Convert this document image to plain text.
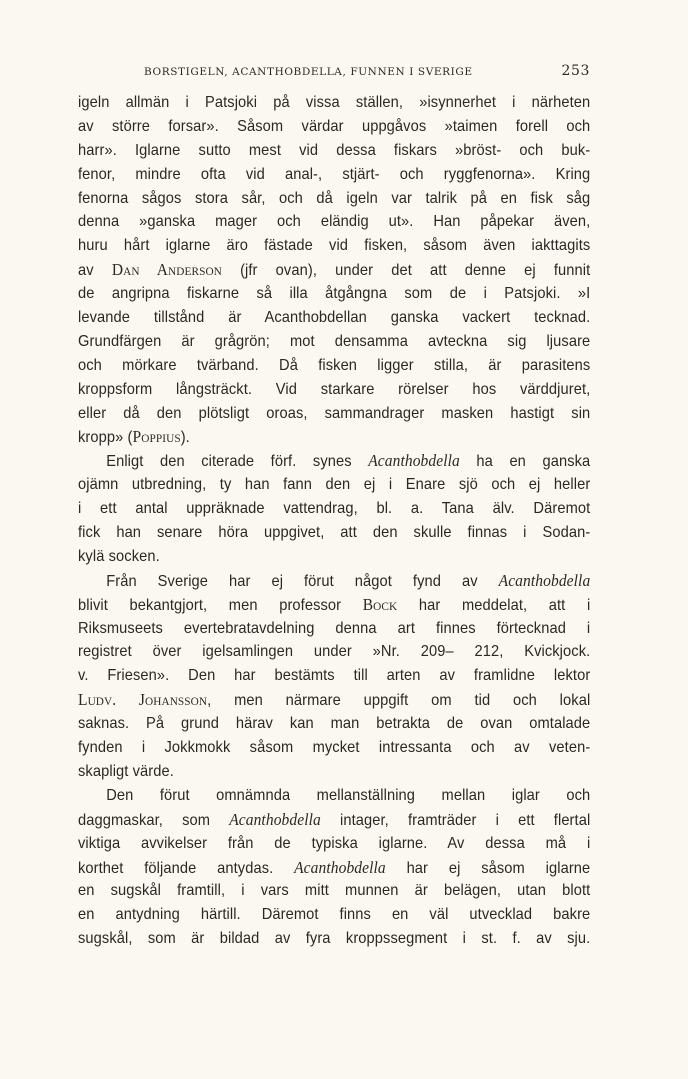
BORSTIGELN, ACANTHOBDELLA, FUNNEN I SVERIGE	253
igeln allmän i Patsjoki på vissa ställen, »isynnerhet i närheten
av större forsar». Såsom värdar uppgåvos »taimen forell och
harr». Iglarne sutto mest vid dessa fiskars »bröst- och buk-
fenor, mindre ofta vid anal-, stjärt- och ryggfenorna». Kring
fenorna sågos stora sår, och då igeln var talrik på en fisk såg
denna »ganska mager och eländig ut». Han påpekar även,
huru hårt iglarne äro fästade vid fisken, såsom även iakttagits
av Dan Anderson (jfr ovan), under det att denne ej funnit
de angripna fiskarne så illa åtgångna som de i Patsjoki. »I
levande tillstånd är Acanthobdellan ganska vackert tecknad.
Grundfärgen är grågrön; mot densamma avteckna sig ljusare
och mörkare tvärband. Då fisken ligger stilla, är parasitens
kroppsform långsträckt. Vid starkare rörelser hos värddjuret,
eller då den plötsligt oroas, sammandrager masken hastigt sin
kropp» (Poppius).
Enligt den citerade förf. synes Acanthobdella ha en ganska
ojämn utbredning, ty han fann den ej i Enare sjö och ej heller
i ett antal uppräknade vattendrag, bl. a. Tana älv. Däremot
fick han senare höra uppgivet, att den skulle finnas i Sodan-
kylä socken.
Från Sverige har ej förut något fynd av Acanthobdella
blivit bekantgjort, men professor Bock har meddelat, att i
Riksmuseets evertebratavdelning denna art finnes förtecknad i
registret över igelsamlingen under »Nr. 209– 212, Kvickjock.
v. Friesen». Den har bestämts till arten av framlidne lektor
Ludv. Johansson, men närmare uppgift om tid och lokal
saknas. På grund härav kan man betrakta de ovan omtalade
fynden i Jokkmokk såsom mycket intressanta och av veten-
skapligt värde.
Den förut omnämnda mellanställning mellan iglar och
daggmaskar, som Acanthobdella intager, framträder i ett flertal
viktiga avvikelser från de typiska iglarne. Av dessa må i
korthet följande antydas. Acanthobdella har ej såsom iglarne
en sugskål framtill, i vars mitt munnen är belägen, utan blott
en antydning härtill. Däremot finns en väl utvecklad bakre
sugskål, som är bildad av fyra kroppssegment i st. f. av sju.
